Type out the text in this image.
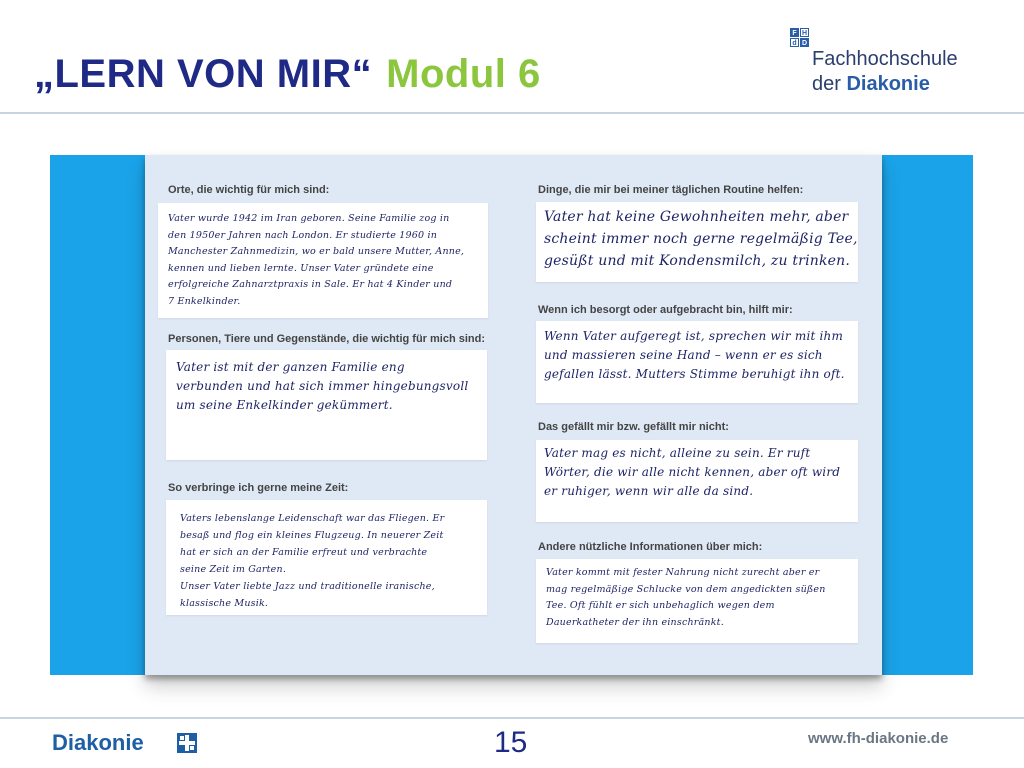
„LERN VON MIR“ Modul 6
F H
d D
Fachhochschule
der Diakonie
Orte, die wichtig für mich sind:

Vater wurde 1942 im Iran geboren. Seine Familie zog in
den 1950er Jahren nach London. Er studierte 1960 in
Manchester Zahnmedizin, wo er bald unsere Mutter, Anne,
kennen und lieben lernte. Unser Vater gründete eine
erfolgreiche Zahnarztpraxis in Sale. Er hat 4 Kinder und
7 Enkelkinder.

Personen, Tiere und Gegenstände, die wichtig für mich sind:

Vater ist mit der ganzen Familie eng
verbunden und hat sich immer hingebungsvoll
um seine Enkelkinder gekümmert.

So verbringe ich gerne meine Zeit:

Vaters lebenslange Leidenschaft war das Fliegen. Er
besaß und flog ein kleines Flugzeug. In neuerer Zeit
hat er sich an der Familie erfreut und verbrachte
seine Zeit im Garten.
Unser Vater liebte Jazz und traditionelle iranische,
klassische Musik.

Dinge, die mir bei meiner täglichen Routine helfen:

Vater hat keine Gewohnheiten mehr, aber
scheint immer noch gerne regelmäßig Tee,
gesüßt und mit Kondensmilch, zu trinken.

Wenn ich besorgt oder aufgebracht bin, hilft mir:

Wenn Vater aufgeregt ist, sprechen wir mit ihm
und massieren seine Hand – wenn er es sich
gefallen lässt. Mutters Stimme beruhigt ihn oft.

Das gefällt mir bzw. gefällt mir nicht:

Vater mag es nicht, alleine zu sein. Er ruft
Wörter, die wir alle nicht kennen, aber oft wird
er ruhiger, wenn wir alle da sind.

Andere nützliche Informationen über mich:

Vater kommt mit fester Nahrung nicht zurecht aber er
mag regelmäßige Schlucke von dem angedickten süßen
Tee. Oft fühlt er sich unbehaglich wegen dem
Dauerkatheter der ihn einschränkt.

Diakonie	15	www.fh-diakonie.de
